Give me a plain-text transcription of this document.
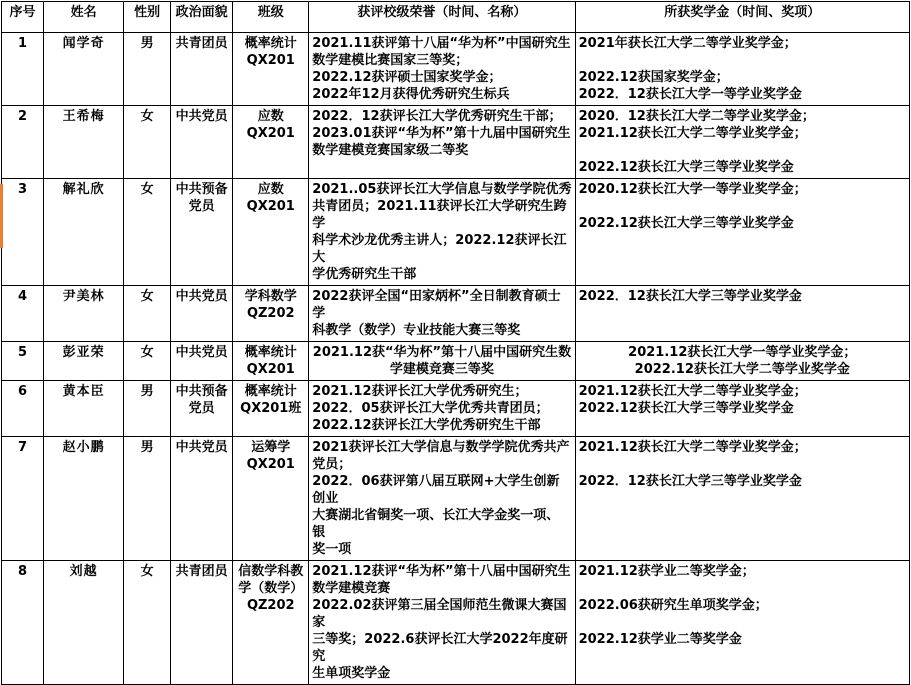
序号	姓名	性别	政治面貌	班级	获评校级荣誉（时间、名称）	所获奖学金（时间、奖项）
1	闻学奇	男	共青团员	概率统计QX201	2021.11获评第十八届“华为杯”中国研究生
数学建模比赛国家三等奖；
2022.12获评硕士国家奖学金；
2022年12月获得优秀研究生标兵	2021年获长江大学二等学业奖学金；
2022.12获国家奖学金；
2022．12获长江大学一等学业奖学金

2	王希梅	女	中共党员	应数QX201	2022．12获评长江大学优秀研究生干部；
2023.01获评“华为杯”第十九届中国研究生
数学建模竞赛国家级二等奖	2020．12获长江大学二等学业奖学金；
2021.12获长江大学二等学业奖学金；
2022.12获长江大学三等学业奖学金

3	解礼欣	女	中共预备党员	应数QX201	2021..05获评长江大学信息与数学学院优秀
共青团员；2021.11获评长江大学研究生跨学
科学术沙龙优秀主讲人；2022.12获评长江大
学优秀研究生干部	2020.12获长江大学一等学业奖学金；
2022.12获长江大学三等学业奖学金

4	尹美林	女	中共党员	学科数学QZ202	2022获评全国“田家炳杯”全日制教育硕士学
科教学（数学）专业技能大赛三等奖	2022．12获长江大学三等学业奖学金

5	彭亚荣	女	中共党员	概率统计QX201	2021.12获“华为杯”第十八届中国研究生数
学建模竞赛三等奖	2021.12获长江大学一等学业奖学金；
2022.12获长江大学二等学业奖学金

6	黄本臣	男	中共预备党员	概率统计QX201班	2021.12获评长江大学优秀研究生；
2022．05获评长江大学优秀共青团员；
2022.12获评长江大学优秀研究生干部	2021.12获长江大学二等学业奖学金；
2022.12获长江大学三等学业奖学金

7	赵小鹏	男	中共党员	运筹学QX201	2021获评长江大学信息与数学学院优秀共产
党员；
2022．06获评第八届互联网+大学生创新创业
大赛湖北省铜奖一项、长江大学金奖一项、银
奖一项	2021.12获长江大学二等学业奖学金；
2022．12获长江大学三等学业奖学金

8	刘越	女	共青团员	信数学科教学（数学）QZ202	2021.12获评“华为杯”第十八届中国研究生
数学建模竞赛
2022.02获评第三届全国师范生微课大赛国家
三等奖；2022.6获评长江大学2022年度研究
生单项奖学金	2021.12获学业二等奖学金；
2022.06获研究生单项奖学金；
2022.12获学业二等奖学金
